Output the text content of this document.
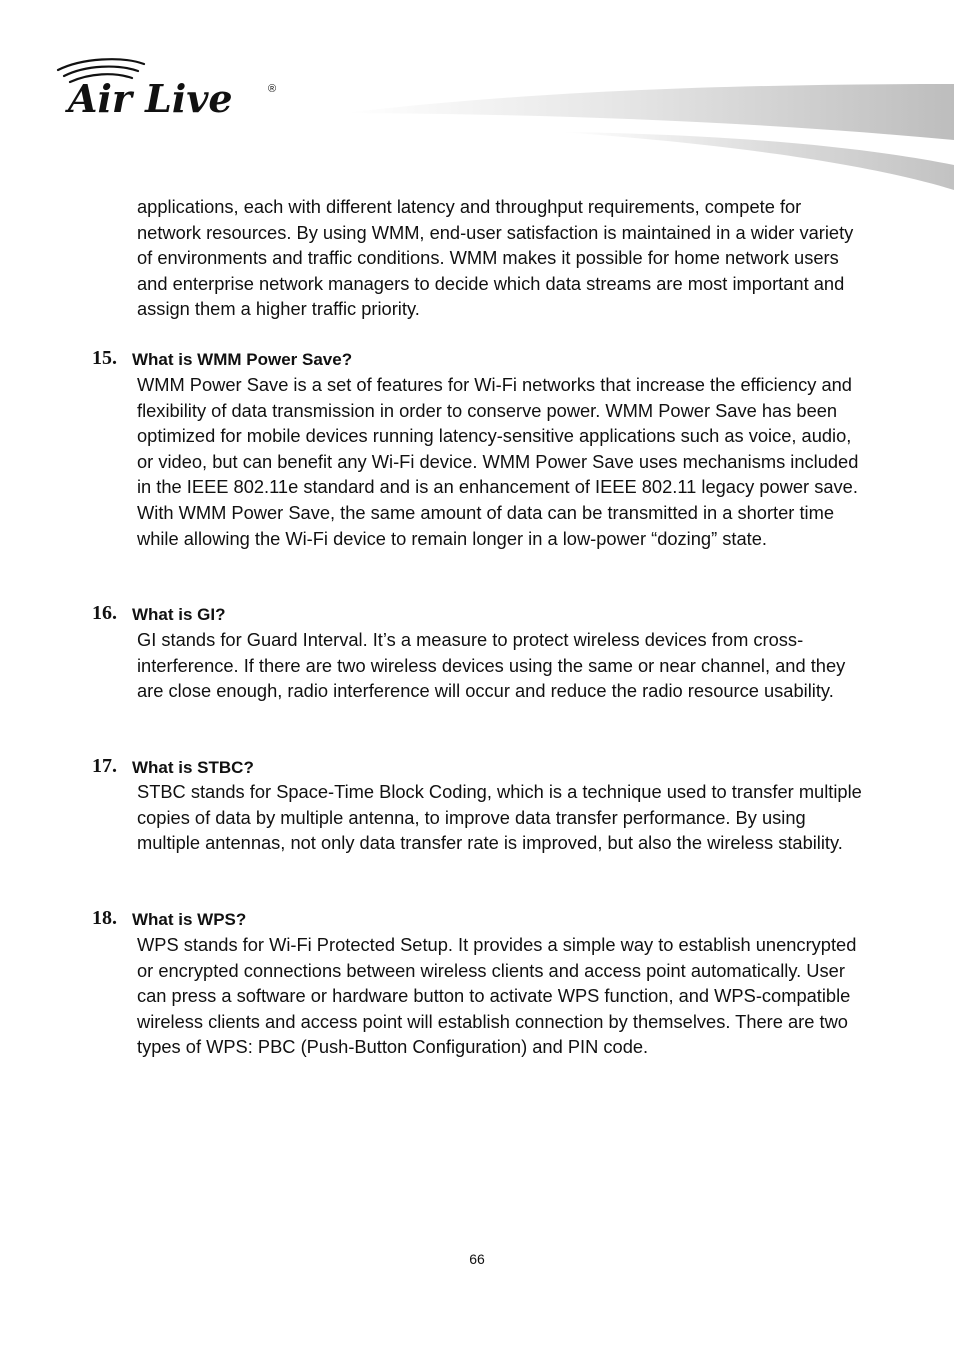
Air Live	®

applications, each with different latency and throughput requirements, compete for network resources. By using WMM, end-user satisfaction is maintained in a wider variety of environments and traffic conditions. WMM makes it possible for home network users and enterprise network managers to decide which data streams are most important and assign them a higher traffic priority.

15. What is WMM Power Save?

WMM Power Save is a set of features for Wi-Fi networks that increase the efficiency and flexibility of data transmission in order to conserve power. WMM Power Save has been optimized for mobile devices running latency-sensitive applications such as voice, audio, or video, but can benefit any Wi-Fi device. WMM Power Save uses mechanisms included in the IEEE 802.11e standard and is an enhancement of IEEE 802.11 legacy power save. With WMM Power Save, the same amount of data can be transmitted in a shorter time while allowing the Wi-Fi device to remain longer in a low-power “dozing” state.

16. What is GI?

GI stands for Guard Interval. It’s a measure to protect wireless devices from cross-interference. If there are two wireless devices using the same or near channel, and they are close enough, radio interference will occur and reduce the radio resource usability.

17. What is STBC?

STBC stands for Space-Time Block Coding, which is a technique used to transfer multiple copies of data by multiple antenna, to improve data transfer performance. By using multiple antennas, not only data transfer rate is improved, but also the wireless stability.

18. What is WPS?

WPS stands for Wi-Fi Protected Setup. It provides a simple way to establish unencrypted or encrypted connections between wireless clients and access point automatically. User can press a software or hardware button to activate WPS function, and WPS-compatible wireless clients and access point will establish connection by themselves. There are two types of WPS: PBC (Push-Button Configuration) and PIN code.

66
